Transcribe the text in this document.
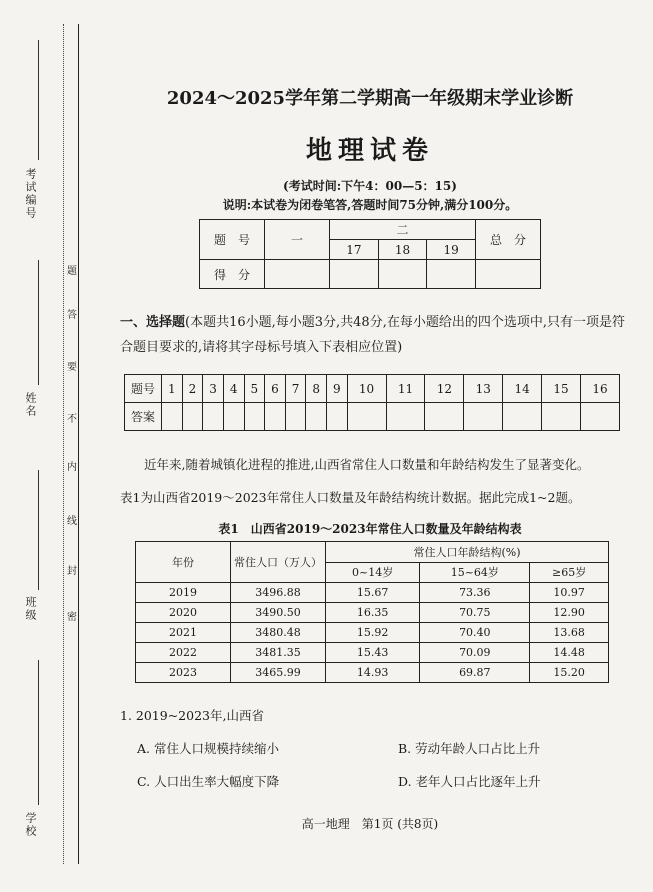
考试编号
姓名
班级
学校
题
答
要
不
内
线
封
密
2024～2025学年第二学期高一年级期末学业诊断
地理试卷
(考试时间:下午4：00—5：15)
说明:本试卷为闭卷笔答,答题时间75分钟,满分100分。
题　号	一	二			总　分
		17	18	19	
得　分					
一、选择题(本题共16小题,每小题3分,共48分,在每小题给出的四个选项中,只有一项是符合题目要求的,请将其字母标号填入下表相应位置)
题号	1	2	3	4	5	6	7	8	9	10	11	12	13	14	15	16
答案																
近年来,随着城镇化进程的推进,山西省常住人口数量和年龄结构发生了显著变化。
表1为山西省2019～2023年常住人口数量及年龄结构统计数据。据此完成1~2题。
表1　山西省2019～2023年常住人口数量及年龄结构表
年份	常住人口（万人）	常住人口年龄结构(%)		
		0~14岁	15~64岁	≥65岁
2019	3496.88	15.67	73.36	10.97
2020	3490.50	16.35	70.75	12.90
2021	3480.48	15.92	70.40	13.68
2022	3481.35	15.43	70.09	14.48
2023	3465.99	14.93	69.87	15.20
1. 2019~2023年,山西省
A. 常住人口规模持续缩小	B. 劳动年龄人口占比上升
C. 人口出生率大幅度下降	D. 老年人口占比逐年上升
高一地理　第1页 (共8页)
